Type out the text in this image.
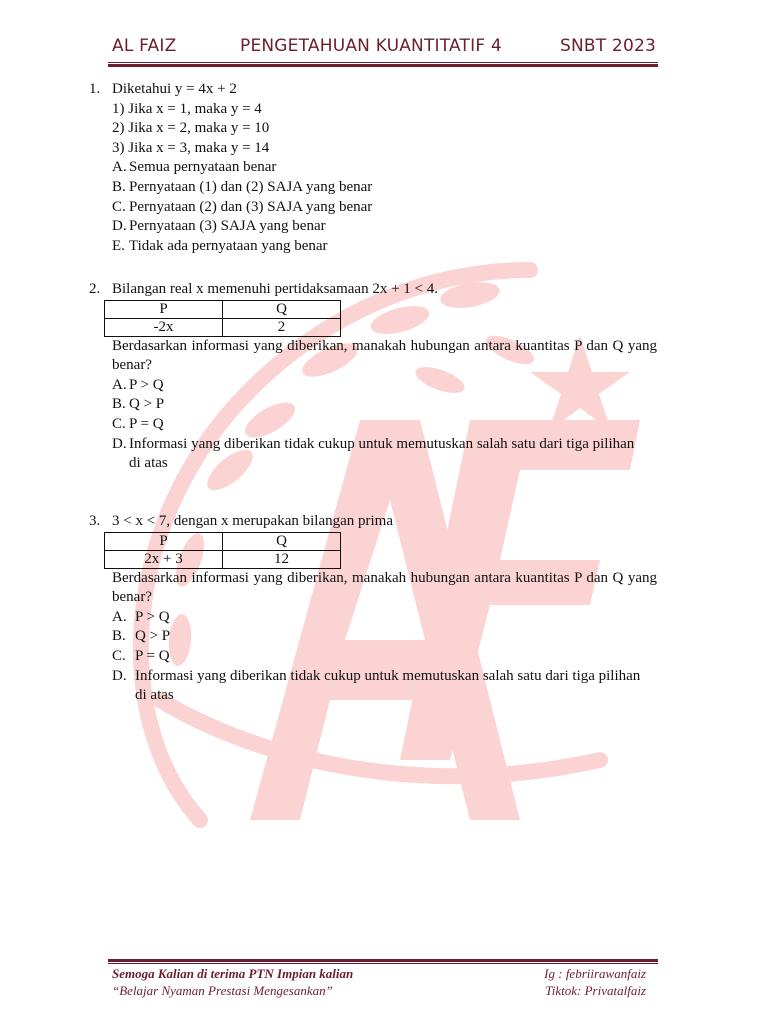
AL FAIZ	PENGETAHUAN KUANTITATIF 4	SNBT 2023
1. Diketahui y = 4x + 2
1) Jika x = 1, maka y = 4
2) Jika x = 2, maka y = 10
3) Jika x = 3, maka y = 14
A. Semua pernyataan benar
B. Pernyataan (1) dan (2) SAJA yang benar
C. Pernyataan (2) dan (3) SAJA yang benar
D. Pernyataan (3) SAJA yang benar
E. Tidak ada pernyataan yang benar
2. Bilangan real x memenuhi pertidaksamaan 2x + 1 < 4.
P	Q
-2x	2
Berdasarkan informasi yang diberikan, manakah hubungan antara kuantitas P dan Q yang benar?
A. P > Q
B. Q > P
C. P = Q
D. Informasi yang diberikan tidak cukup untuk memutuskan salah satu dari tiga pilihan di atas
3. 3 < x < 7, dengan x merupakan bilangan prima
P	Q
2x + 3	12
Berdasarkan informasi yang diberikan, manakah hubungan antara kuantitas P dan Q yang benar?
A. P > Q
B. Q > P
C. P = Q
D. Informasi yang diberikan tidak cukup untuk memutuskan salah satu dari tiga pilihan di atas
Semoga Kalian di terima PTN Impian kalian
“Belajar Nyaman Prestasi Mengesankan”
Ig : febriirawanfaiz
Tiktok: Privatalfaiz
